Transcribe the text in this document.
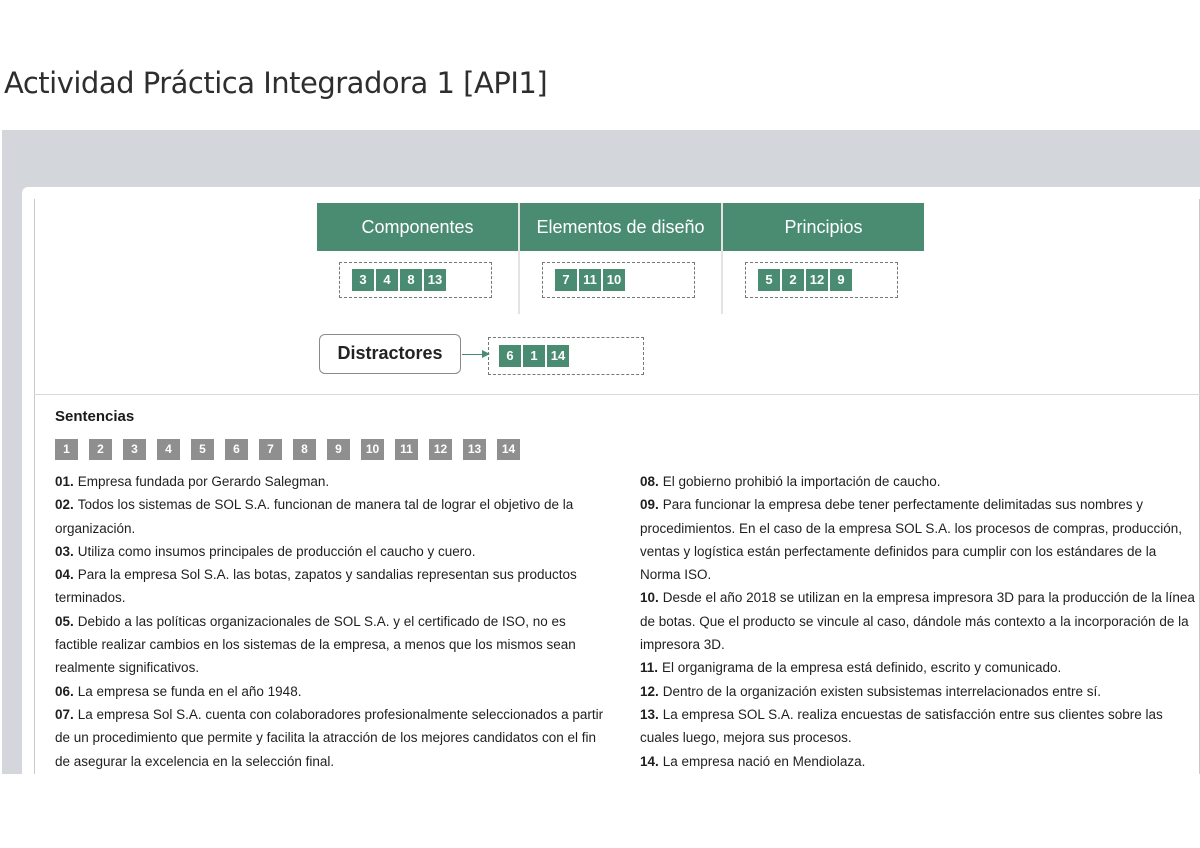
Actividad Práctica Integradora 1 [API1]
Componentes
3	4	8	13
Elementos de diseño
7	11 10
Principios
5	2	12	9
Distractores	6	1	14
Sentencias
1	2	3	4	5	6	7	8	9	10	11	12	13	14

01. Empresa fundada por Gerardo Salegman.

02. Todos los sistemas de SOL S.A. funcionan de manera tal de lograr el objetivo de la organización.

03. Utiliza como insumos principales de producción el caucho y cuero.

04. Para la empresa Sol S.A. las botas, zapatos y sandalias representan sus productos terminados.

05. Debido a las políticas organizacionales de SOL S.A. y el certificado de ISO, no es factible realizar cambios en los sistemas de la empresa, a menos que los mismos sean realmente significativos.

06. La empresa se funda en el año 1948.

07. La empresa Sol S.A. cuenta con colaboradores profesionalmente seleccionados a partir de un procedimiento que permite y facilita la atracción de los mejores candidatos con el fin de asegurar la excelencia en la selección final.

08. El gobierno prohibió la importación de caucho.

09. Para funcionar la empresa debe tener perfectamente delimitadas sus nombres y procedimientos. En el caso de la empresa SOL S.A. los procesos de compras, producción, ventas y logística están perfectamente definidos para cumplir con los estándares de la Norma ISO.

10. Desde el año 2018 se utilizan en la empresa impresora 3D para la producción de la línea de botas. Que el producto se vincule al caso, dándole más contexto a la incorporación de la impresora 3D.

11. El organigrama de la empresa está definido, escrito y comunicado.

12. Dentro de la organización existen subsistemas interrelacionados entre sí.

13. La empresa SOL S.A. realiza encuestas de satisfacción entre sus clientes sobre las cuales luego, mejora sus procesos.

14. La empresa nació en Mendiolaza.
